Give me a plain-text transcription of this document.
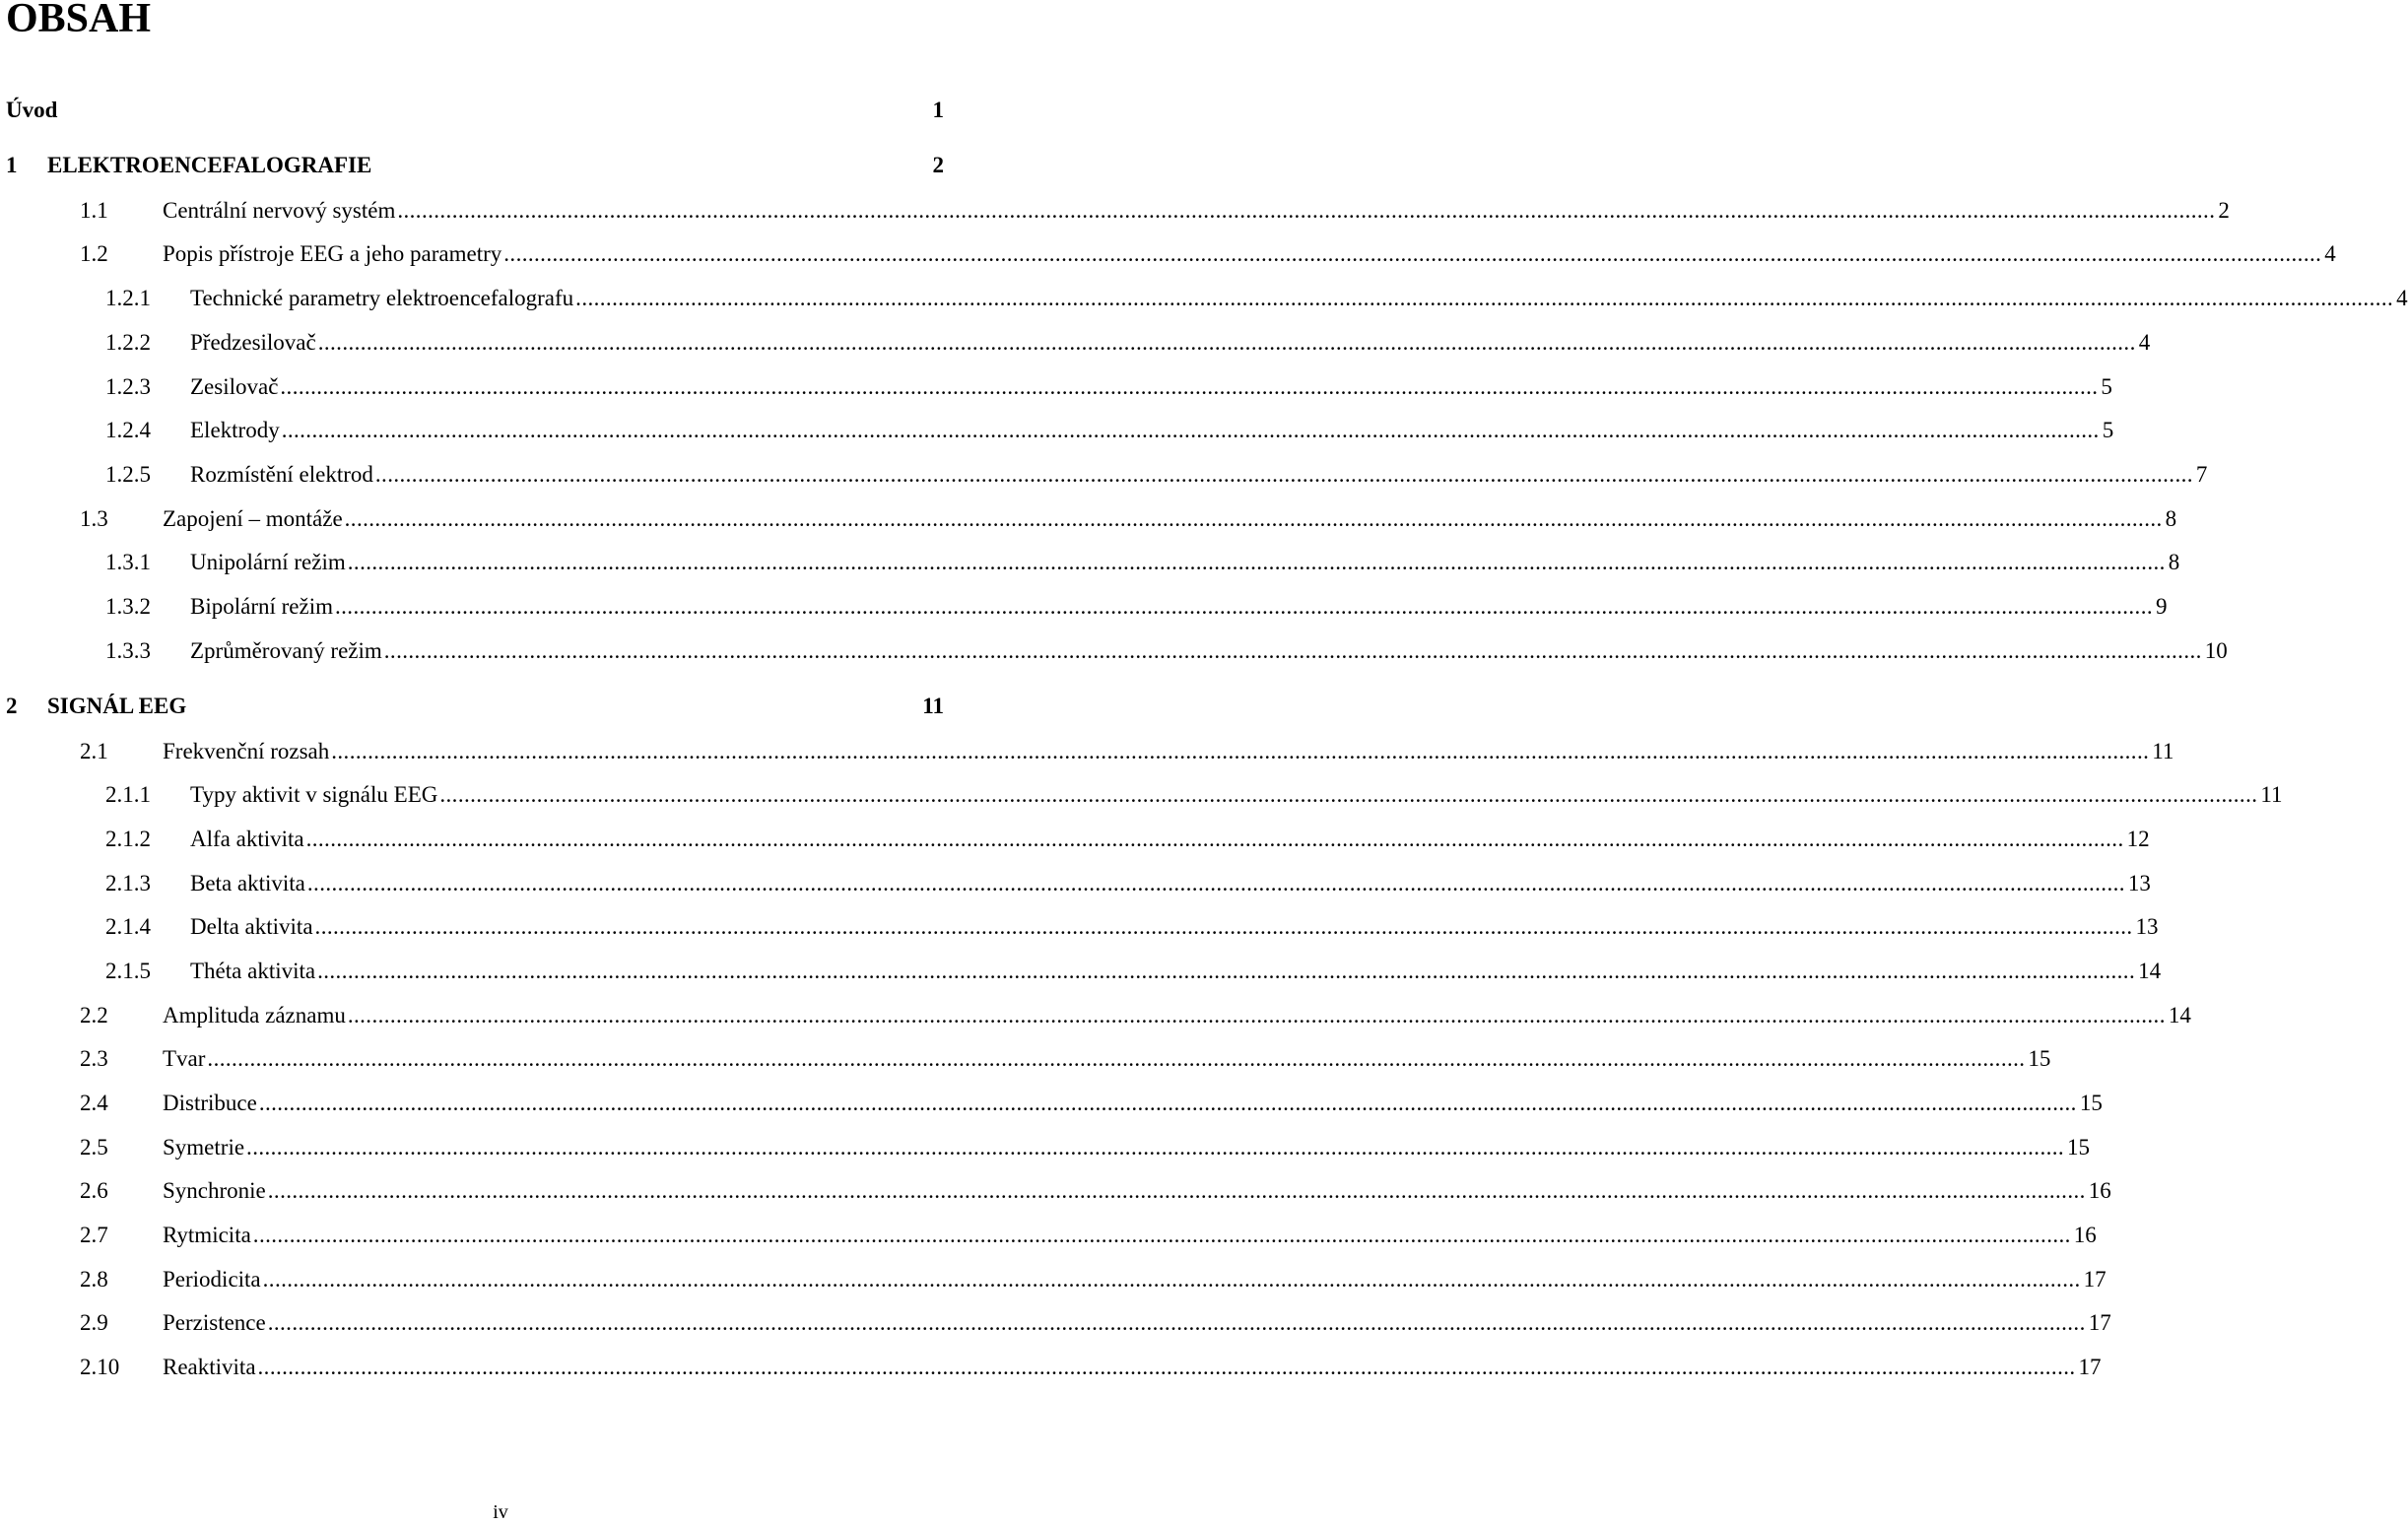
OBSAH
Úvod	1
1	ELEKTROENCEFALOGRAFIE	2
1.1	Centrální nervový systém ............................................................................................................................................................................................................................................................................................................ 2
1.2	Popis přístroje EEG a jeho parametry ............................................................................................................................................................................................................................................................................................................ 4
1.2.1	Technické parametry elektroencefalografu ............................................................................................................................................................................................................................................................................................................ 4
1.2.2	Předzesilovač ............................................................................................................................................................................................................................................................................................................ 4
1.2.3	Zesilovač ............................................................................................................................................................................................................................................................................................................ 5
1.2.4	Elektrody ............................................................................................................................................................................................................................................................................................................ 5
1.2.5	Rozmístění elektrod ............................................................................................................................................................................................................................................................................................................ 7
1.3	Zapojení – montáže ............................................................................................................................................................................................................................................................................................................ 8
1.3.1	Unipolární režim ............................................................................................................................................................................................................................................................................................................ 8
1.3.2	Bipolární režim ............................................................................................................................................................................................................................................................................................................ 9
1.3.3	Zprůměrovaný režim ............................................................................................................................................................................................................................................................................................................ 10
2	SIGNÁL EEG	11
2.1	Frekvenční rozsah ............................................................................................................................................................................................................................................................................................................ 11
2.1.1	Typy aktivit v signálu EEG ............................................................................................................................................................................................................................................................................................................ 11
2.1.2	Alfa aktivita ............................................................................................................................................................................................................................................................................................................ 12
2.1.3	Beta aktivita ............................................................................................................................................................................................................................................................................................................ 13
2.1.4	Delta aktivita ............................................................................................................................................................................................................................................................................................................ 13
2.1.5	Théta aktivita ............................................................................................................................................................................................................................................................................................................ 14
2.2	Amplituda záznamu ............................................................................................................................................................................................................................................................................................................ 14
2.3	Tvar ............................................................................................................................................................................................................................................................................................................ 15
2.4	Distribuce ............................................................................................................................................................................................................................................................................................................ 15
2.5	Symetrie ............................................................................................................................................................................................................................................................................................................ 15
2.6	Synchronie ............................................................................................................................................................................................................................................................................................................ 16
2.7	Rytmicita ............................................................................................................................................................................................................................................................................................................ 16
2.8	Periodicita ............................................................................................................................................................................................................................................................................................................ 17
2.9	Perzistence ............................................................................................................................................................................................................................................................................................................ 17
2.10	Reaktivita ............................................................................................................................................................................................................................................................................................................ 17
iv
